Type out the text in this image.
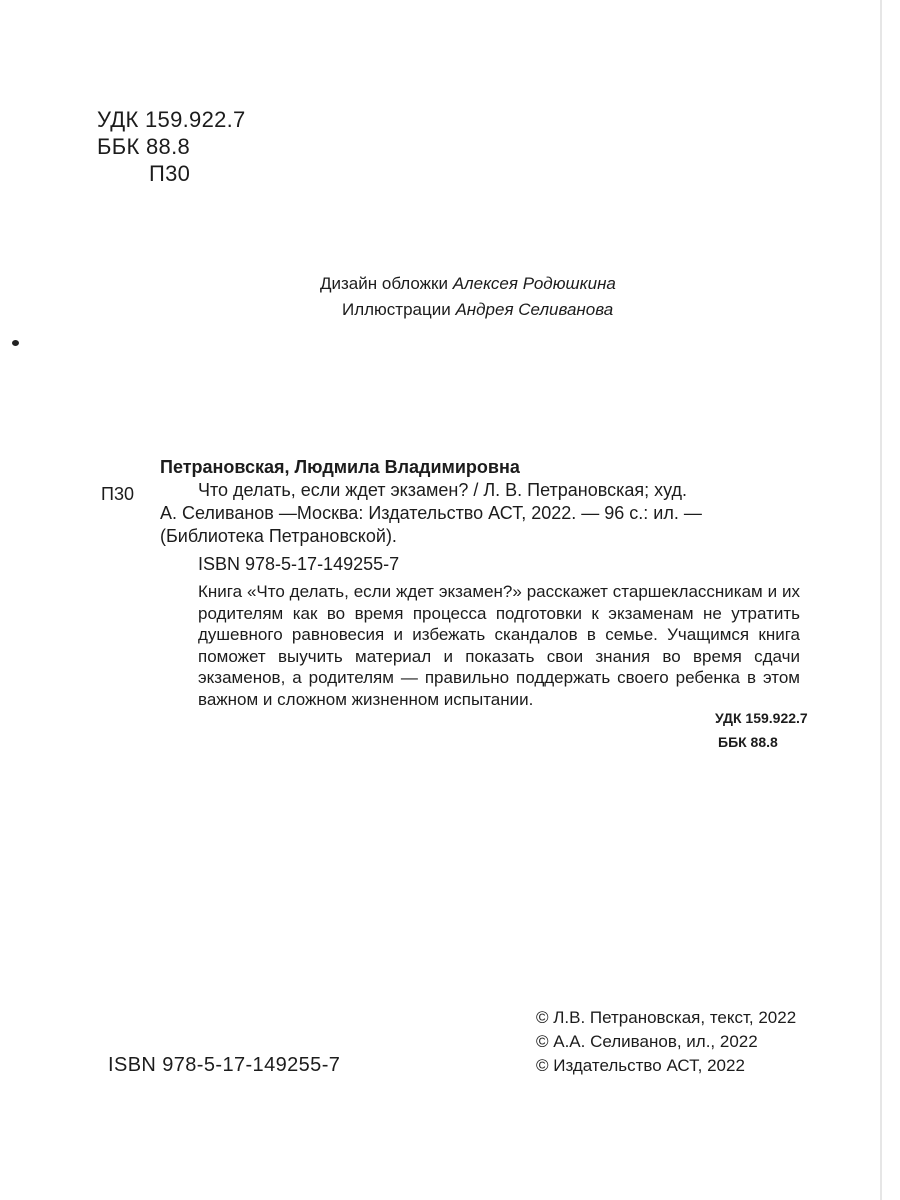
УДК 159.922.7
ББК 88.8
П30
Дизайн обложки Алексея Родюшкина
Иллюстрации Андрея Селиванова
П30
Петрановская, Людмила Владимировна
Что делать, если ждет экзамен? / Л. В. Петрановская; худ.
А. Селиванов —Москва: Издательство АСТ, 2022. — 96 с.: ил. —
(Библиотека Петрановской).
ISBN 978-5-17-149255-7
Книга «Что делать, если ждет экзамен?» расскажет старшеклассникам и их родителям как во время процесса подготовки к экзаменам не утратить душевного равновесия и избежать скандалов в семье. Учащимся книга поможет выучить материал и показать свои знания во время сдачи экзаменов, а родителям — правильно поддержать своего ребенка в этом важном и сложном жизненном испытании.
УДК 159.922.7
ББК 88.8
© Л.В. Петрановская, текст, 2022
© А.А. Селиванов, ил., 2022
© Издательство АСТ, 2022
ISBN 978-5-17-149255-7
